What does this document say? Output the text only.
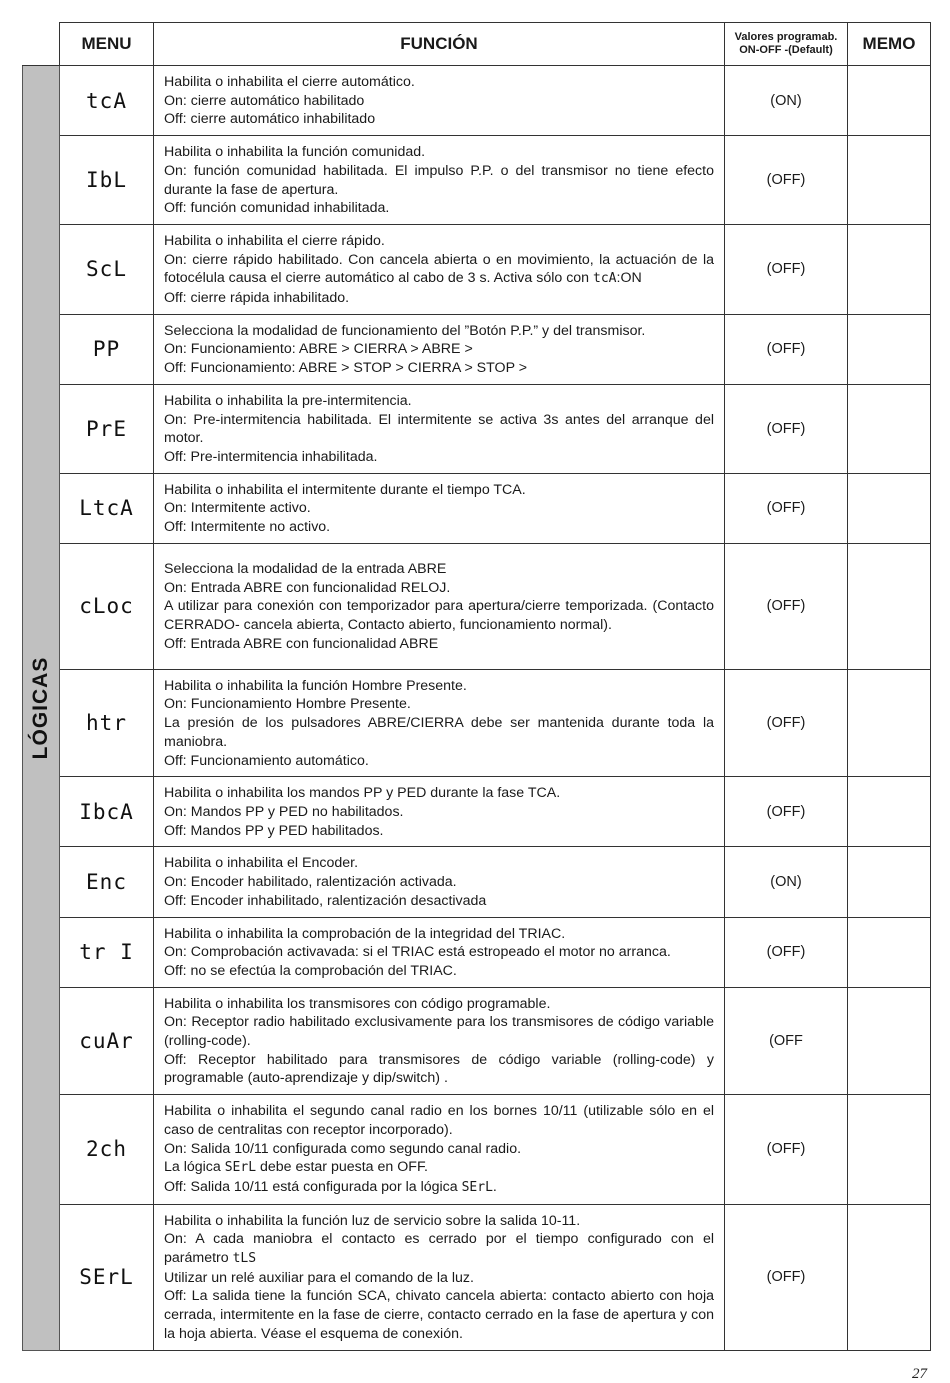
	MENU	FUNCIÓN	Valores programab.
ON-OFF -(Default)	MEMO

LÓGICAS	tcA	Habilita o inhabilita el cierre automático.
On: cierre automático habilitado
Off: cierre automático inhabilitado	(ON)	
	IbL	Habilita o inhabilita la función comunidad.
On: función comunidad habilitada. El impulso P.P. o del transmisor no tiene efecto durante la fase de apertura.
Off: función comunidad inhabilitada.	(OFF)	
	ScL	Habilita o inhabilita el cierre rápido.
On: cierre rápido habilitado. Con cancela abierta o en movimiento, la actuación de la fotocélula causa el cierre automático al cabo de 3 s. Activa sólo con tcA:ON
Off: cierre rápida inhabilitado.	(OFF)	
	PP	Selecciona la modalidad de funcionamiento del ”Botón P.P.” y del transmisor.
On: Funcionamiento: ABRE > CIERRA > ABRE >
Off: Funcionamiento: ABRE > STOP > CIERRA > STOP >	(OFF)	
	PrE	Habilita o inhabilita la pre-intermitencia.
On: Pre-intermitencia habilitada. El intermitente se activa 3s antes del arranque del motor.
Off: Pre-intermitencia inhabilitada.	(OFF)	
	LtcA	Habilita o inhabilita el intermitente durante el tiempo TCA.
On: Intermitente activo.
Off: Intermitente no activo.	(OFF)	
	cLoc	Selecciona la modalidad de la entrada ABRE
On: Entrada ABRE con funcionalidad RELOJ.
A utilizar para conexión con temporizador para apertura/cierre temporizada. (Contacto CERRADO- cancela abierta, Contacto abierto, funcionamiento normal).
Off: Entrada ABRE con funcionalidad ABRE	(OFF)	
	htr	Habilita o inhabilita la función Hombre Presente.
On: Funcionamiento Hombre Presente.
La presión de los pulsadores ABRE/CIERRA debe ser mantenida durante toda la maniobra.
Off: Funcionamiento automático.	(OFF)	
	IbcA	Habilita o inhabilita los mandos PP y PED durante la fase TCA.
On: Mandos PP y PED no habilitados.
Off: Mandos PP y PED habilitados.	(OFF)	
	Enc	Habilita o inhabilita el Encoder.
On: Encoder habilitado, ralentización activada.
Off: Encoder inhabilitado, ralentización desactivada	(ON)	
	tr I	Habilita o inhabilita la comprobación de la integridad del TRIAC.
On: Comprobación activavada: si el TRIAC está estropeado el motor no arranca.
Off: no se efectúa la comprobación del TRIAC.	(OFF)	
	cuAr	Habilita o inhabilita los transmisores con código programable.
On: Receptor radio habilitado exclusivamente para los transmisores de código variable (rolling-code).
Off: Receptor habilitado para transmisores de código variable (rolling-code) y programable (auto-aprendizaje y dip/switch) .	(OFF	
	2ch	Habilita o inhabilita el segundo canal radio en los bornes 10/11 (utilizable sólo en el caso de centralitas con receptor incorporado).
On: Salida 10/11 configurada como segundo canal radio.
La lógica SErL debe estar puesta en OFF.
Off: Salida 10/11 está configurada por la lógica SErL.	(OFF)	
	SErL	Habilita o inhabilita la función luz de servicio sobre la salida 10-11.
On: A cada maniobra el contacto es cerrado por el tiempo configurado con el parámetro tLS
Utilizar un relé auxiliar para el comando de la luz.
Off: La salida tiene la función SCA, chivato cancela abierta: contacto abierto con hoja cerrada, intermitente en la fase de cierre, contacto cerrado en la fase de apertura y con la hoja abierta. Véase el esquema de conexión.	(OFF)	
27
